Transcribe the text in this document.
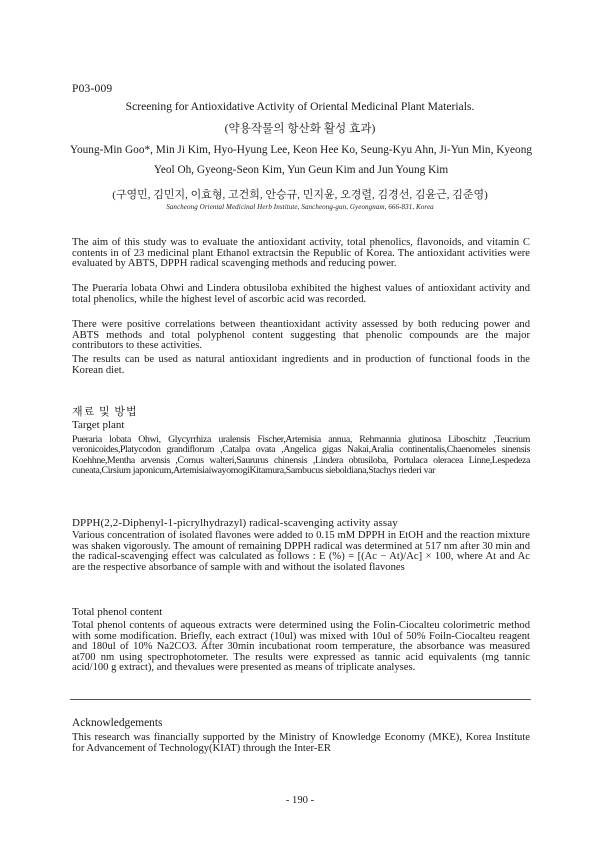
P03-009

Screening for Antioxidative Activity of Oriental Medicinal Plant Materials.

(약용작물의 항산화 활성 효과)

Young-Min Goo*, Min Ji Kim, Hyo-Hyung Lee, Keon Hee Ko, Seung-Kyu Ahn, Ji-Yun Min, Kyeong Yeol Oh, Gyeong-Seon Kim, Yun Geun Kim and Jun Young Kim

(구영민, 김민지, 이효형, 고건희, 안승규, 민지윤, 오경렬, 김경선, 김윤근, 김준영)

Sancheong Oriental Medicinal Herb Institute, Sancheong-gun, Gyeongnam, 666-831, Korea

The aim of this study was to evaluate the antioxidant activity, total phenolics, flavonoids, and vitamin C contents in of 23 medicinal plant Ethanol extractsin the Republic of Korea. The antioxidant activities were evaluated by ABTS, DPPH radical scavenging methods and reducing power.

The Pueraria lobata Ohwi and Lindera obtusiloba exhibited the highest values of antioxidant activity and total phenolics, while the highest level of ascorbic acid was recorded.

There were positive correlations between theantioxidant activity assessed by both reducing power and ABTS methods and total polyphenol content suggesting that phenolic compounds are the major contributors to these activities.

The results can be used as natural antioxidant ingredients and in production of functional foods in the Korean diet.

재료 및 방법

Target plant

Pueraria lobata Ohwi, Glycyrrhiza uralensis Fischer,Artemisia annua, Rehmannia glutinosa Liboschitz ,Teucrium veronicoides,Platycodon grandiflorum ,Catalpa ovata ,Angelica gigas Nakai,Aralia continentalis,Chaenomeles sinensis Koehhne,Mentha arvensis ,Cornus walteri,Saururus chinensis ,Lindera obtusiloba, Portulaca oleracea Linne,Lespedeza cuneata,Cirsium japonicum,ArtemisiaiwayomogiKitamura,Sambucus sieboldiana,Stachys riederi var

DPPH(2,2-Diphenyl-1-picrylhydrazyl) radical-scavenging activity assay

Various concentration of isolated flavones were added to 0.15 mM DPPH in EtOH and the reaction mixture was shaken vigorously. The amount of remaining DPPH radical was determined at 517 nm after 30 min and the radical-scavenging effect was calculated as follows : E (%) = [(Ac − At)/Ac] × 100, where At and Ac are the respective absorbance of sample with and without the isolated flavones

Total phenol content

Total phenol contents of aqueous extracts were determined using the Folin-Ciocalteu colorimetric method with some modification. Briefly, each extract (10ul) was mixed with 10ul of 50% Foiln-Ciocalteu reagent and 180ul of 10% Na2CO3. After 30min incubationat room temperature, the absorbance was measured at700 nm using spectrophotometer. The results were expressed as tannic acid equivalents (mg tannic acid/100 g extract), and thevalues were presented as means of triplicate analyses.

Acknowledgements

This research was financially supported by the Ministry of Knowledge Economy (MKE), Korea Institute for Advancement of Technology(KIAT) through the Inter-ER

- 190 -
